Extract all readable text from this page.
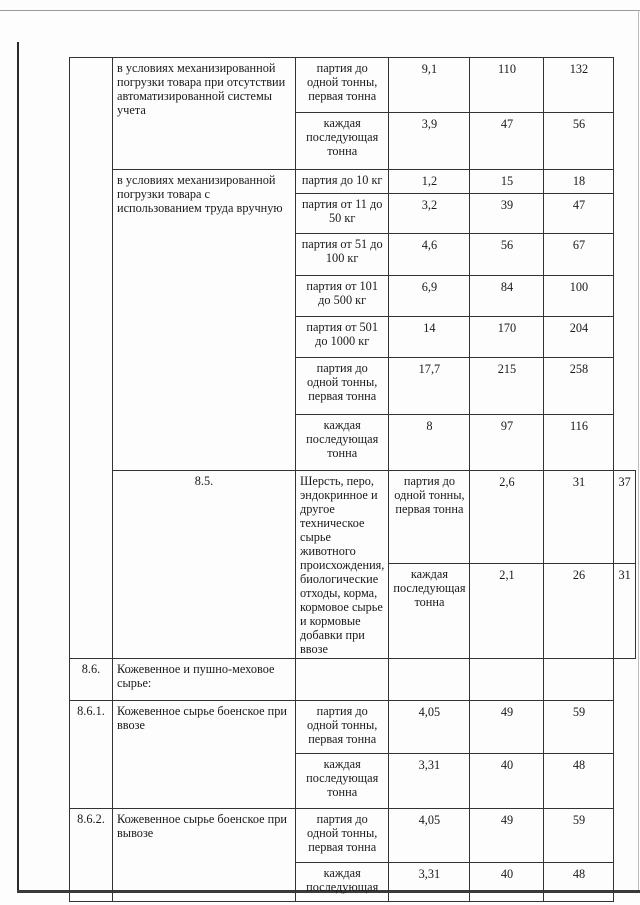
	в условиях механизированной погрузки товара при отсутствии автоматизированной системы учета	партия до одной тонны, первая тонна	9,1	110	132	
		каждая последующая тонна	3,9	47	56	
	в условиях механизированной погрузки товара с использованием труда вручную	партия до 10 кг	1,2	15	18	
		партия от 11 до 50 кг	3,2	39	47	
		партия от 51 до 100 кг	4,6	56	67	
		партия от 101 до 500 кг	6,9	84	100	
		партия от 501 до 1000 кг	14	170	204	
		партия до одной тонны, первая тонна	17,7	215	258	
		каждая последующая тонна	8	97	116	
	8.5.	Шерсть, перо, эндокринное и другое техническое сырье животного происхождения, биологические отходы, корма, кормовое сырье и кормовые добавки при ввозе	партия до одной тонны, первая тонна	2,6	31	37
			каждая последующая тонна	2,1	26	31
8.6.	Кожевенное и пушно-меховое сырье:					
8.6.1.	Кожевенное сырье боенское при ввозе	партия до одной тонны, первая тонна	4,05	49	59	
		каждая последующая тонна	3,31	40	48	
8.6.2.	Кожевенное сырье боенское при вывозе	партия до одной тонны, первая тонна	4,05	49	59	
		каждая последующая	3,31	40	48	
